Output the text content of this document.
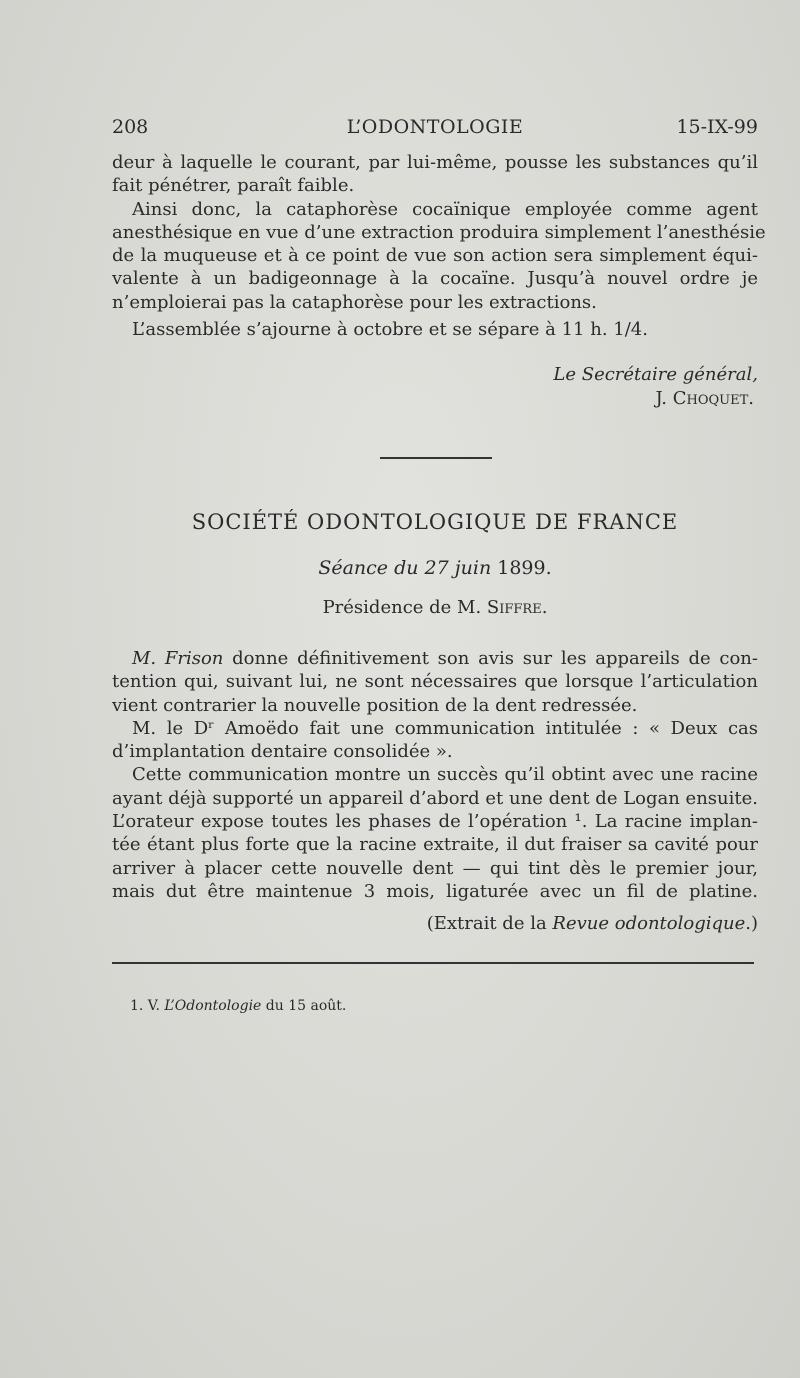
208	L’ODONTOLOGIE	15-IX-99
deur à laquelle le courant, par lui-même, pousse les substances qu’il
fait pénétrer, paraît faible.
Ainsi donc, la cataphorèse cocaïnique employée comme agent
anesthésique en vue d’une extraction produira simplement l’anesthésie
de la muqueuse et à ce point de vue son action sera simplement équi-
valente à un badigeonnage à la cocaïne. Jusqu’à nouvel ordre je
n’emploierai pas la cataphorèse pour les extractions.
L’assemblée s’ajourne à octobre et se sépare à 11 h. 1/4.
Le Secrétaire général,
J. Choquet.
SOCIÉTÉ ODONTOLOGIQUE DE FRANCE
Séance du 27 juin 1899.
Présidence de M. Siffre.
M. Frison donne définitivement son avis sur les appareils de con-
tention qui, suivant lui, ne sont nécessaires que lorsque l’articulation
vient contrarier la nouvelle position de la dent redressée.
M. le Dʳ Amoëdo fait une communication intitulée : « Deux cas
d’implantation dentaire consolidée ».
Cette communication montre un succès qu’il obtint avec une racine
ayant déjà supporté un appareil d’abord et une dent de Logan ensuite.
L’orateur expose toutes les phases de l’opération ¹. La racine implan-
tée étant plus forte que la racine extraite, il dut fraiser sa cavité pour
arriver à placer cette nouvelle dent — qui tint dès le premier jour,
mais dut être maintenue 3 mois, ligaturée avec un fil de platine.
(Extrait de la Revue odontologique.)
1. V. L’Odontologie du 15 août.
